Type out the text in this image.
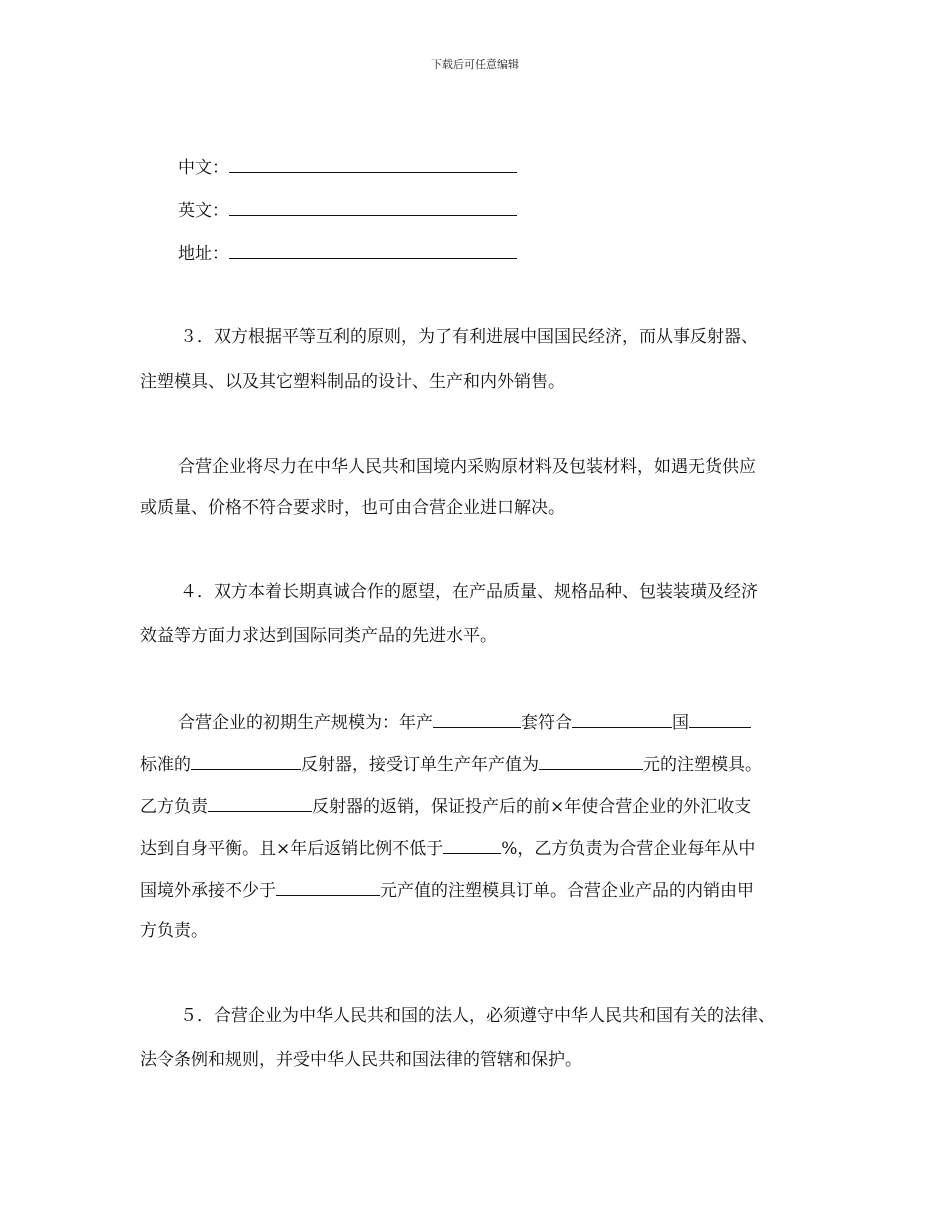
下载后可任意编辑
中文：
英文：
地址：
３．双方根据平等互利的原则，为了有利进展中国国民经济，而从事反射器、
注塑模具、以及其它塑料制品的设计、生产和内外销售。
合营企业将尽力在中华人民共和国境内采购原材料及包装材料，如遇无货供应
或质量、价格不符合要求时，也可由合营企业进口解决。
４．双方本着长期真诚合作的愿望，在产品质量、规格品种、包装装璜及经济
效益等方面力求达到国际同类产品的先进水平。
合营企业的初期生产规模为：年产	套符合	国
标准的	反射器，接受订单生产年产值为	元的注塑模具。
乙方负责	反射器的返销，保证投产后的前×年使合营企业的外汇收支
达到自身平衡。且×年后返销比例不低于	%，乙方负责为合营企业每年从中
国境外承接不少于	元产值的注塑模具订单。合营企业产品的内销由甲
方负责。
５．合营企业为中华人民共和国的法人，必须遵守中华人民共和国有关的法律、
法令条例和规则，并受中华人民共和国法律的管辖和保护。
